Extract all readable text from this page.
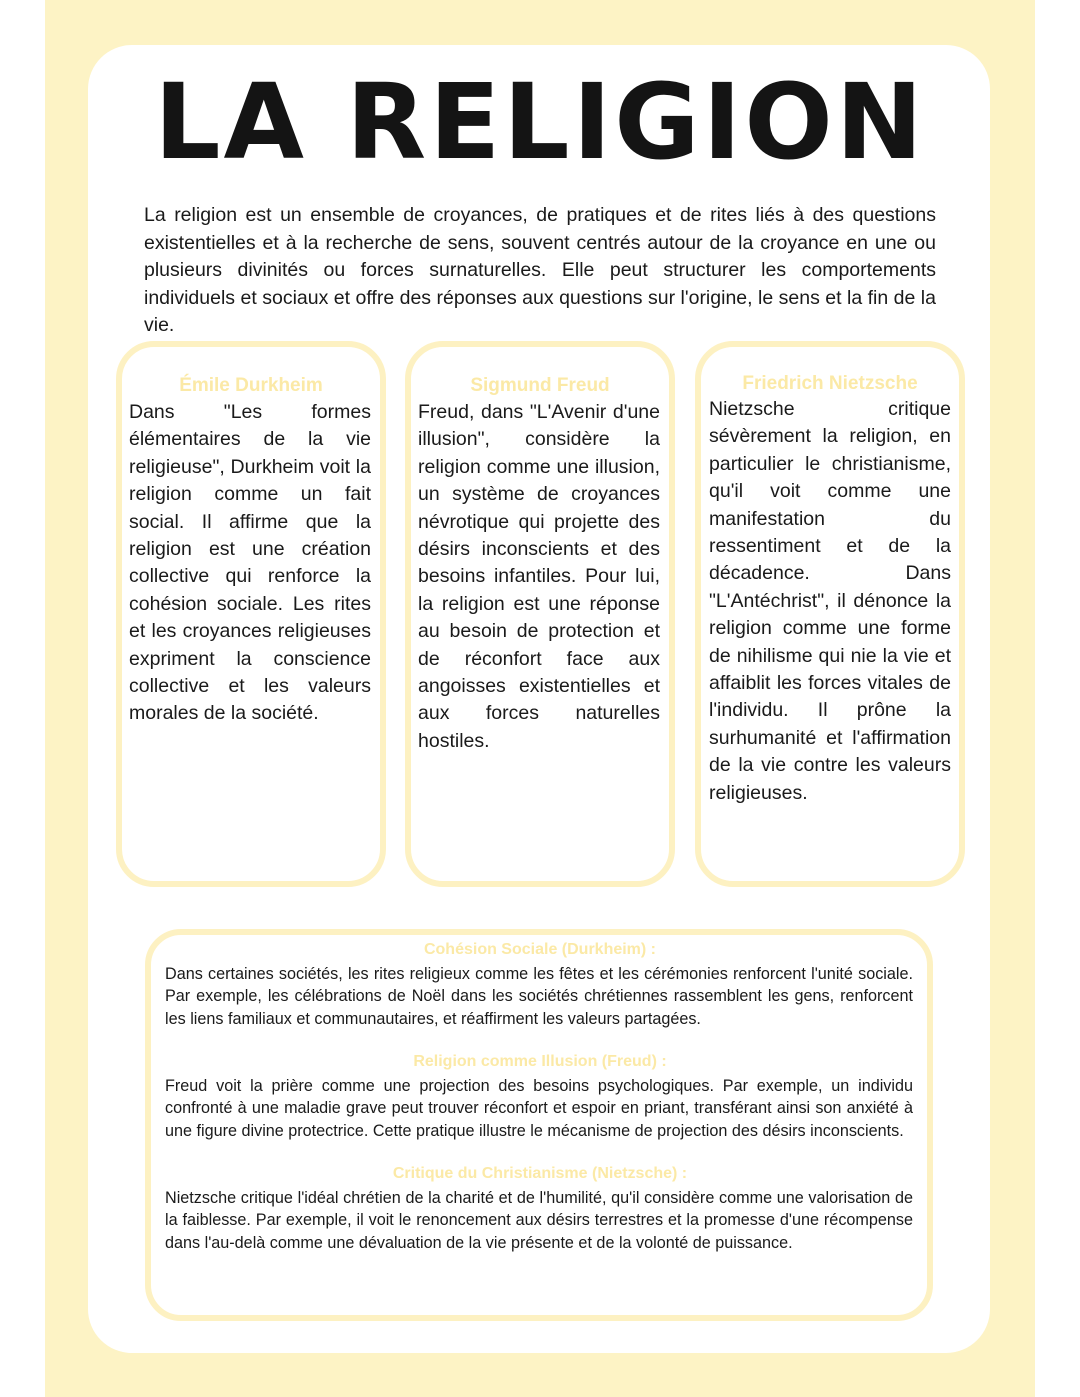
LA RELIGION

La religion est un ensemble de croyances, de pratiques et de rites liés à des questions existentielles et à la recherche de sens, souvent centrés autour de la croyance en une ou plusieurs divinités ou forces surnaturelles. Elle peut structurer les comportements individuels et sociaux et offre des réponses aux questions sur l'origine, le sens et la fin de la vie.

Émile Durkheim

Dans "Les formes élémentaires de la vie religieuse", Durkheim voit la religion comme un fait social. Il affirme que la religion est une création collective qui renforce la cohésion sociale. Les rites et les croyances religieuses expriment la conscience collective et les valeurs morales de la société.

Sigmund Freud

Freud, dans "L'Avenir d'une illusion", considère la religion comme une illusion, un système de croyances névrotique qui projette des désirs inconscients et des besoins infantiles. Pour lui, la religion est une réponse au besoin de protection et de réconfort face aux angoisses existentielles et aux forces naturelles hostiles.

Friedrich Nietzsche

Nietzsche critique sévèrement la religion, en particulier le christianisme, qu'il voit comme une manifestation du ressentiment et de la décadence. Dans "L'Antéchrist", il dénonce la religion comme une forme de nihilisme qui nie la vie et affaiblit les forces vitales de l'individu. Il prône la surhumanité et l'affirmation de la vie contre les valeurs religieuses.

Cohésion Sociale (Durkheim) :

Dans certaines sociétés, les rites religieux comme les fêtes et les cérémonies renforcent l'unité sociale. Par exemple, les célébrations de Noël dans les sociétés chrétiennes rassemblent les gens, renforcent les liens familiaux et communautaires, et réaffirment les valeurs partagées.

Religion comme Illusion (Freud) :

Freud voit la prière comme une projection des besoins psychologiques. Par exemple, un individu confronté à une maladie grave peut trouver réconfort et espoir en priant, transférant ainsi son anxiété à une figure divine protectrice. Cette pratique illustre le mécanisme de projection des désirs inconscients.

Critique du Christianisme (Nietzsche) :

Nietzsche critique l'idéal chrétien de la charité et de l'humilité, qu'il considère comme une valorisation de la faiblesse. Par exemple, il voit le renoncement aux désirs terrestres et la promesse d'une récompense dans l'au-delà comme une dévaluation de la vie présente et de la volonté de puissance.
